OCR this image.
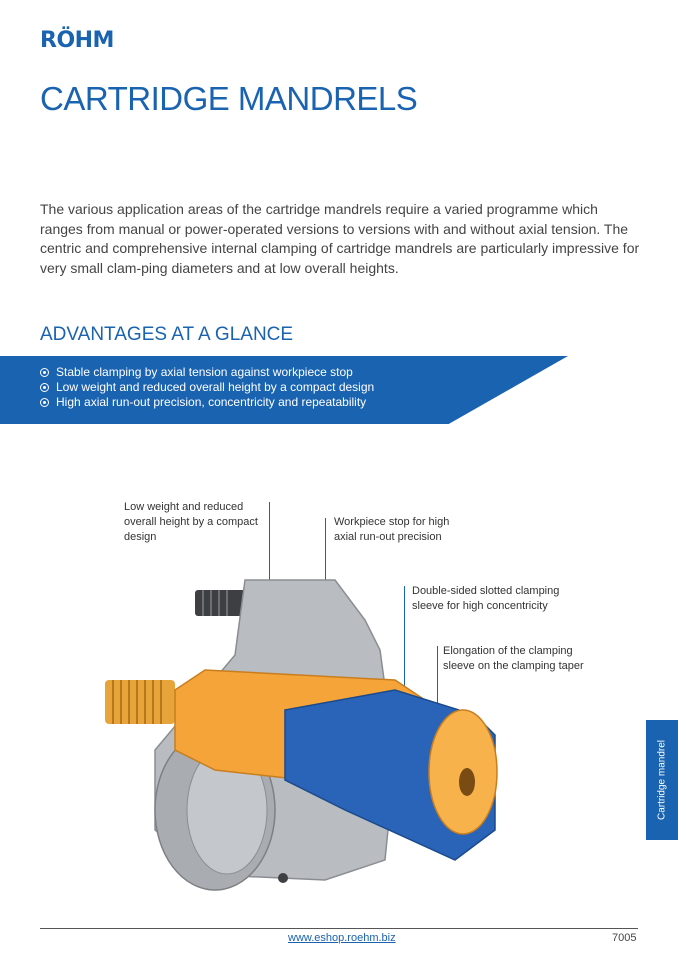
RÖHM
CARTRIDGE MANDRELS

The various application areas of the cartridge mandrels require a varied programme which ranges from manual or power-operated versions to versions with and without axial tension. The centric and comprehensive internal clamping of cartridge mandrels are particularly impressive for very small clam-ping diameters and at low overall heights.

ADVANTAGES AT A GLANCE
Stable clamping by axial tension against workpiece stop
Low weight and reduced overall height by a compact design
High axial run-out precision, concentricity and repeatability

Low weight and reduced overall height by a compact design

Workpiece stop for high axial run-out precision

Double-sided slotted clamping sleeve for high concentricity

Elongation of the clamping sleeve on the clamping taper

Cartridge mandrel
www.eshop.roehm.biz	7005
